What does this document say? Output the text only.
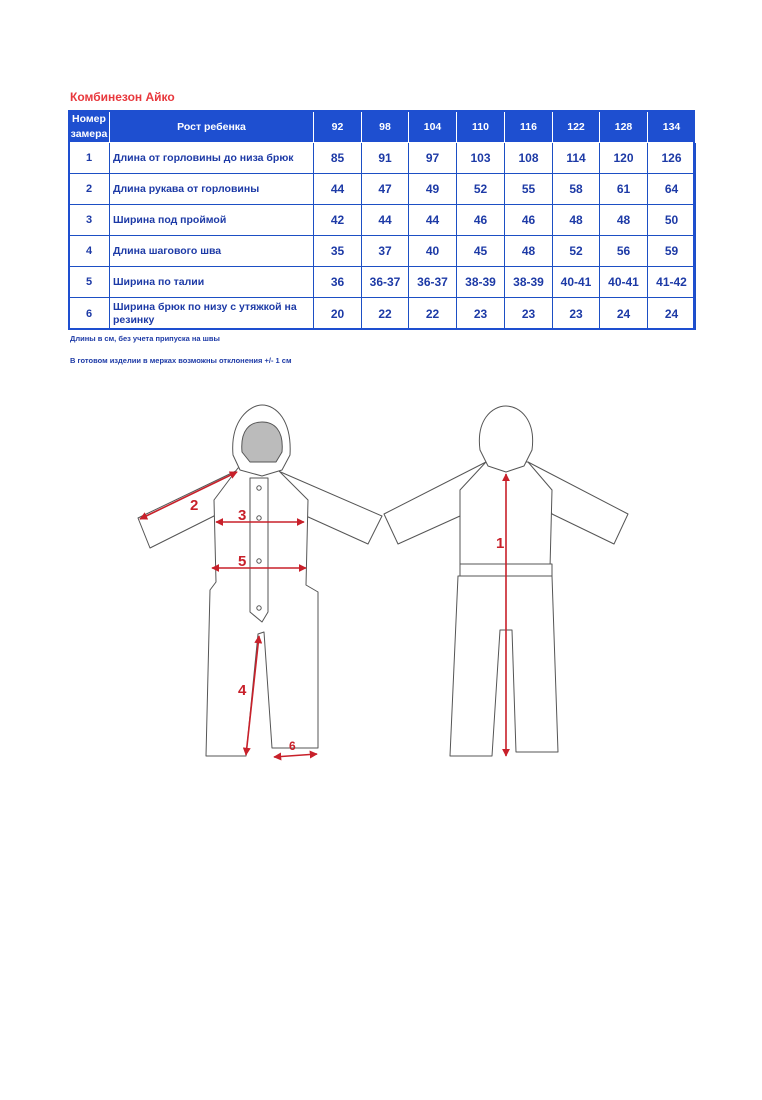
Комбинезон Айко
Номер
замера	Рост ребенка	92	98	104	110	116	122	128	134
1	Длина от горловины до низа брюк	85	91	97	103	108	114	120	126
2	Длина рукава от горловины	44	47	49	52	55	58	61	64
3	Ширина под проймой	42	44	44	46	46	48	48	50
4	Длина шагового шва	35	37	40	45	48	52	56	59
5	Ширина по талии	36	36-37	36-37	38-39	38-39	40-41	40-41	41-42
6	Ширина брюк по низу с утяжкой на резинку	20	22	22	23	23	23	24	24
Длины в см, без учета припуска на швы
В готовом изделии в мерках возможны отклонения +/- 1 см
2
3
5
4
6
1
